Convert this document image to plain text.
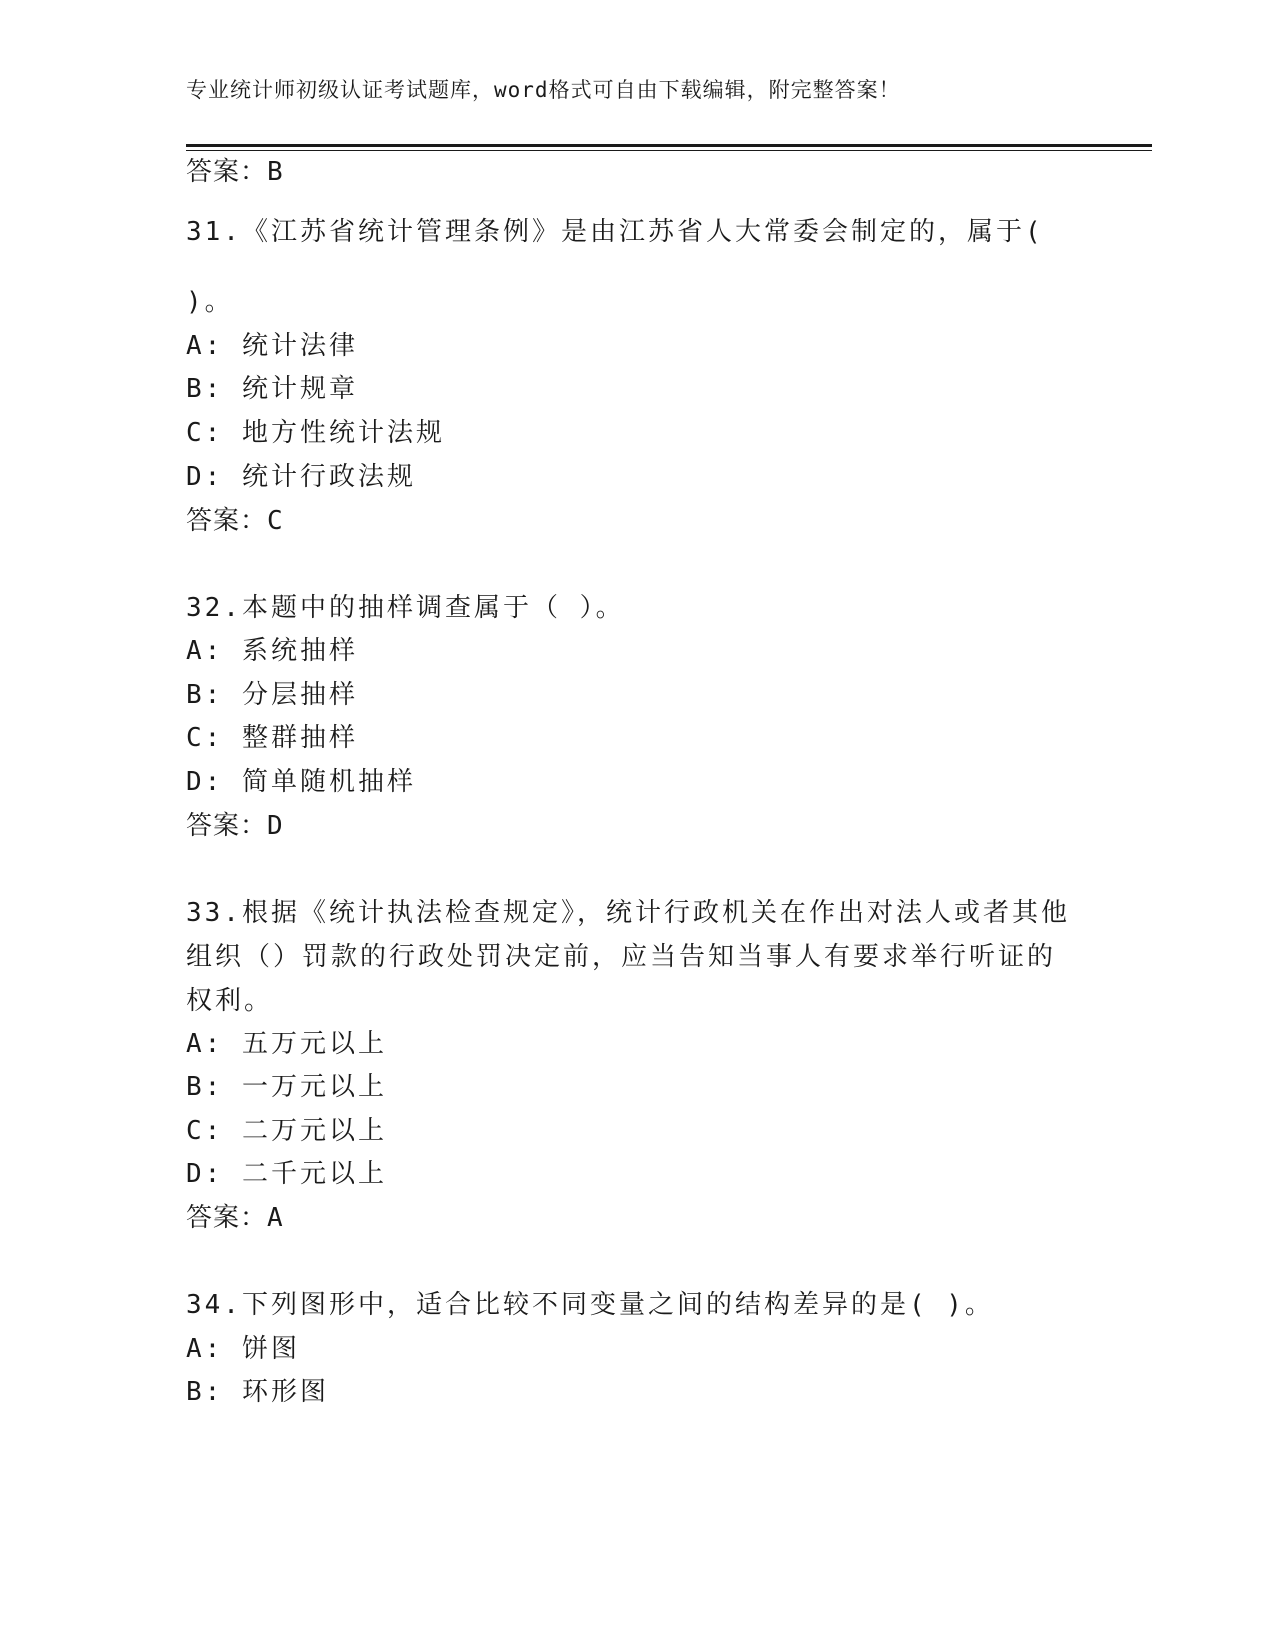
专业统计师初级认证考试题库，word格式可自由下载编辑，附完整答案！
答案：B
31.《江苏省统计管理条例》是由江苏省人大常委会制定的，属于(
)。
A: 统计法律
B: 统计规章
C: 地方性统计法规
D: 统计行政法规
答案：C
32.本题中的抽样调查属于（ ）。
A: 系统抽样
B: 分层抽样
C: 整群抽样
D: 简单随机抽样
答案：D
33.根据《统计执法检查规定》，统计行政机关在作出对法人或者其他
组织（）罚款的行政处罚决定前，应当告知当事人有要求举行听证的
权利。
A: 五万元以上
B: 一万元以上
C: 二万元以上
D: 二千元以上
答案：A
34.下列图形中，适合比较不同变量之间的结构差异的是( )。
A: 饼图
B: 环形图
